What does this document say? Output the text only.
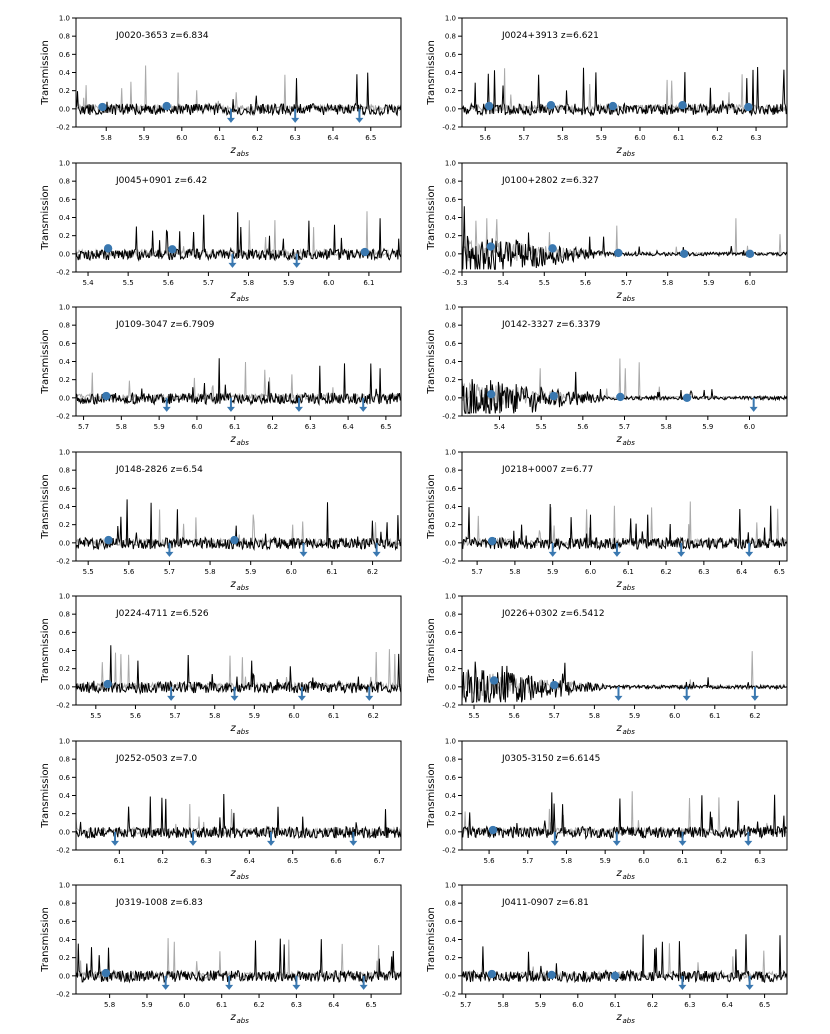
-0.2
0.0
0.2
0.4
0.6
0.8
1.0
5.8	5.9	6.0	6.1	6.2	6.3	6.4	6.5
Transmission
z abs
J0020-3653 z=6.834
-0.2
0.0
0.2
0.4
0.6
0.8
1.0
5.6	5.7	5.8	5.9	6.0	6.1	6.2	6.3
Transmission
z abs
J0024+3913 z=6.621
-0.2
0.0
0.2
0.4
0.6
0.8
1.0
5.4	5.5	5.6	5.7	5.8	5.9	6.0	6.1
Transmission
z abs
J0045+0901 z=6.42
-0.2
0.0
0.2
0.4
0.6
0.8
1.0
5.3	5.4	5.5	5.6	5.7	5.8	5.9	6.0
Transmission
z abs
J0100+2802 z=6.327
-0.2
0.0
0.2
0.4
0.6
0.8
1.0
5.7	5.8	5.9	6.0	6.1	6.2	6.3	6.4	6.5
Transmission
z abs
J0109-3047 z=6.7909
-0.2
0.0
0.2
0.4
0.6
0.8
1.0
5.4	5.5	5.6	5.7	5.8	5.9	6.0
Transmission
z abs
J0142-3327 z=6.3379
-0.2
0.0
0.2
0.4
0.6
0.8
1.0
5.5	5.6	5.7	5.8	5.9	6.0	6.1	6.2
Transmission
z abs
J0148-2826 z=6.54
-0.2
0.0
0.2
0.4
0.6
0.8
1.0
5.7	5.8	5.9	6.0	6.1	6.2	6.3	6.4	6.5
Transmission
z abs
J0218+0007 z=6.77
-0.2
0.0
0.2
0.4
0.6
0.8
1.0
5.5	5.6	5.7	5.8	5.9	6.0	6.1	6.2
Transmission
z abs
J0224-4711 z=6.526
-0.2
0.0
0.2
0.4
0.6
0.8
1.0
5.5	5.6	5.7	5.8	5.9	6.0	6.1	6.2
Transmission
z abs
J0226+0302 z=6.5412
-0.2
0.0
0.2
0.4
0.6
0.8
1.0
6.1	6.2	6.3	6.4	6.5	6.6	6.7
Transmission
z abs
J0252-0503 z=7.0
-0.2
0.0
0.2
0.4
0.6
0.8
1.0
5.6	5.7	5.8	5.9	6.0	6.1	6.2	6.3
Transmission
z abs
J0305-3150 z=6.6145
-0.2
0.0
0.2
0.4
0.6
0.8
1.0
5.8	5.9	6.0	6.1	6.2	6.3	6.4	6.5
Transmission
z abs
J0319-1008 z=6.83
-0.2
0.0
0.2
0.4
0.6
0.8
1.0
5.7	5.8	5.9	6.0	6.1	6.2	6.3	6.4	6.5
Transmission
z abs
J0411-0907 z=6.81
